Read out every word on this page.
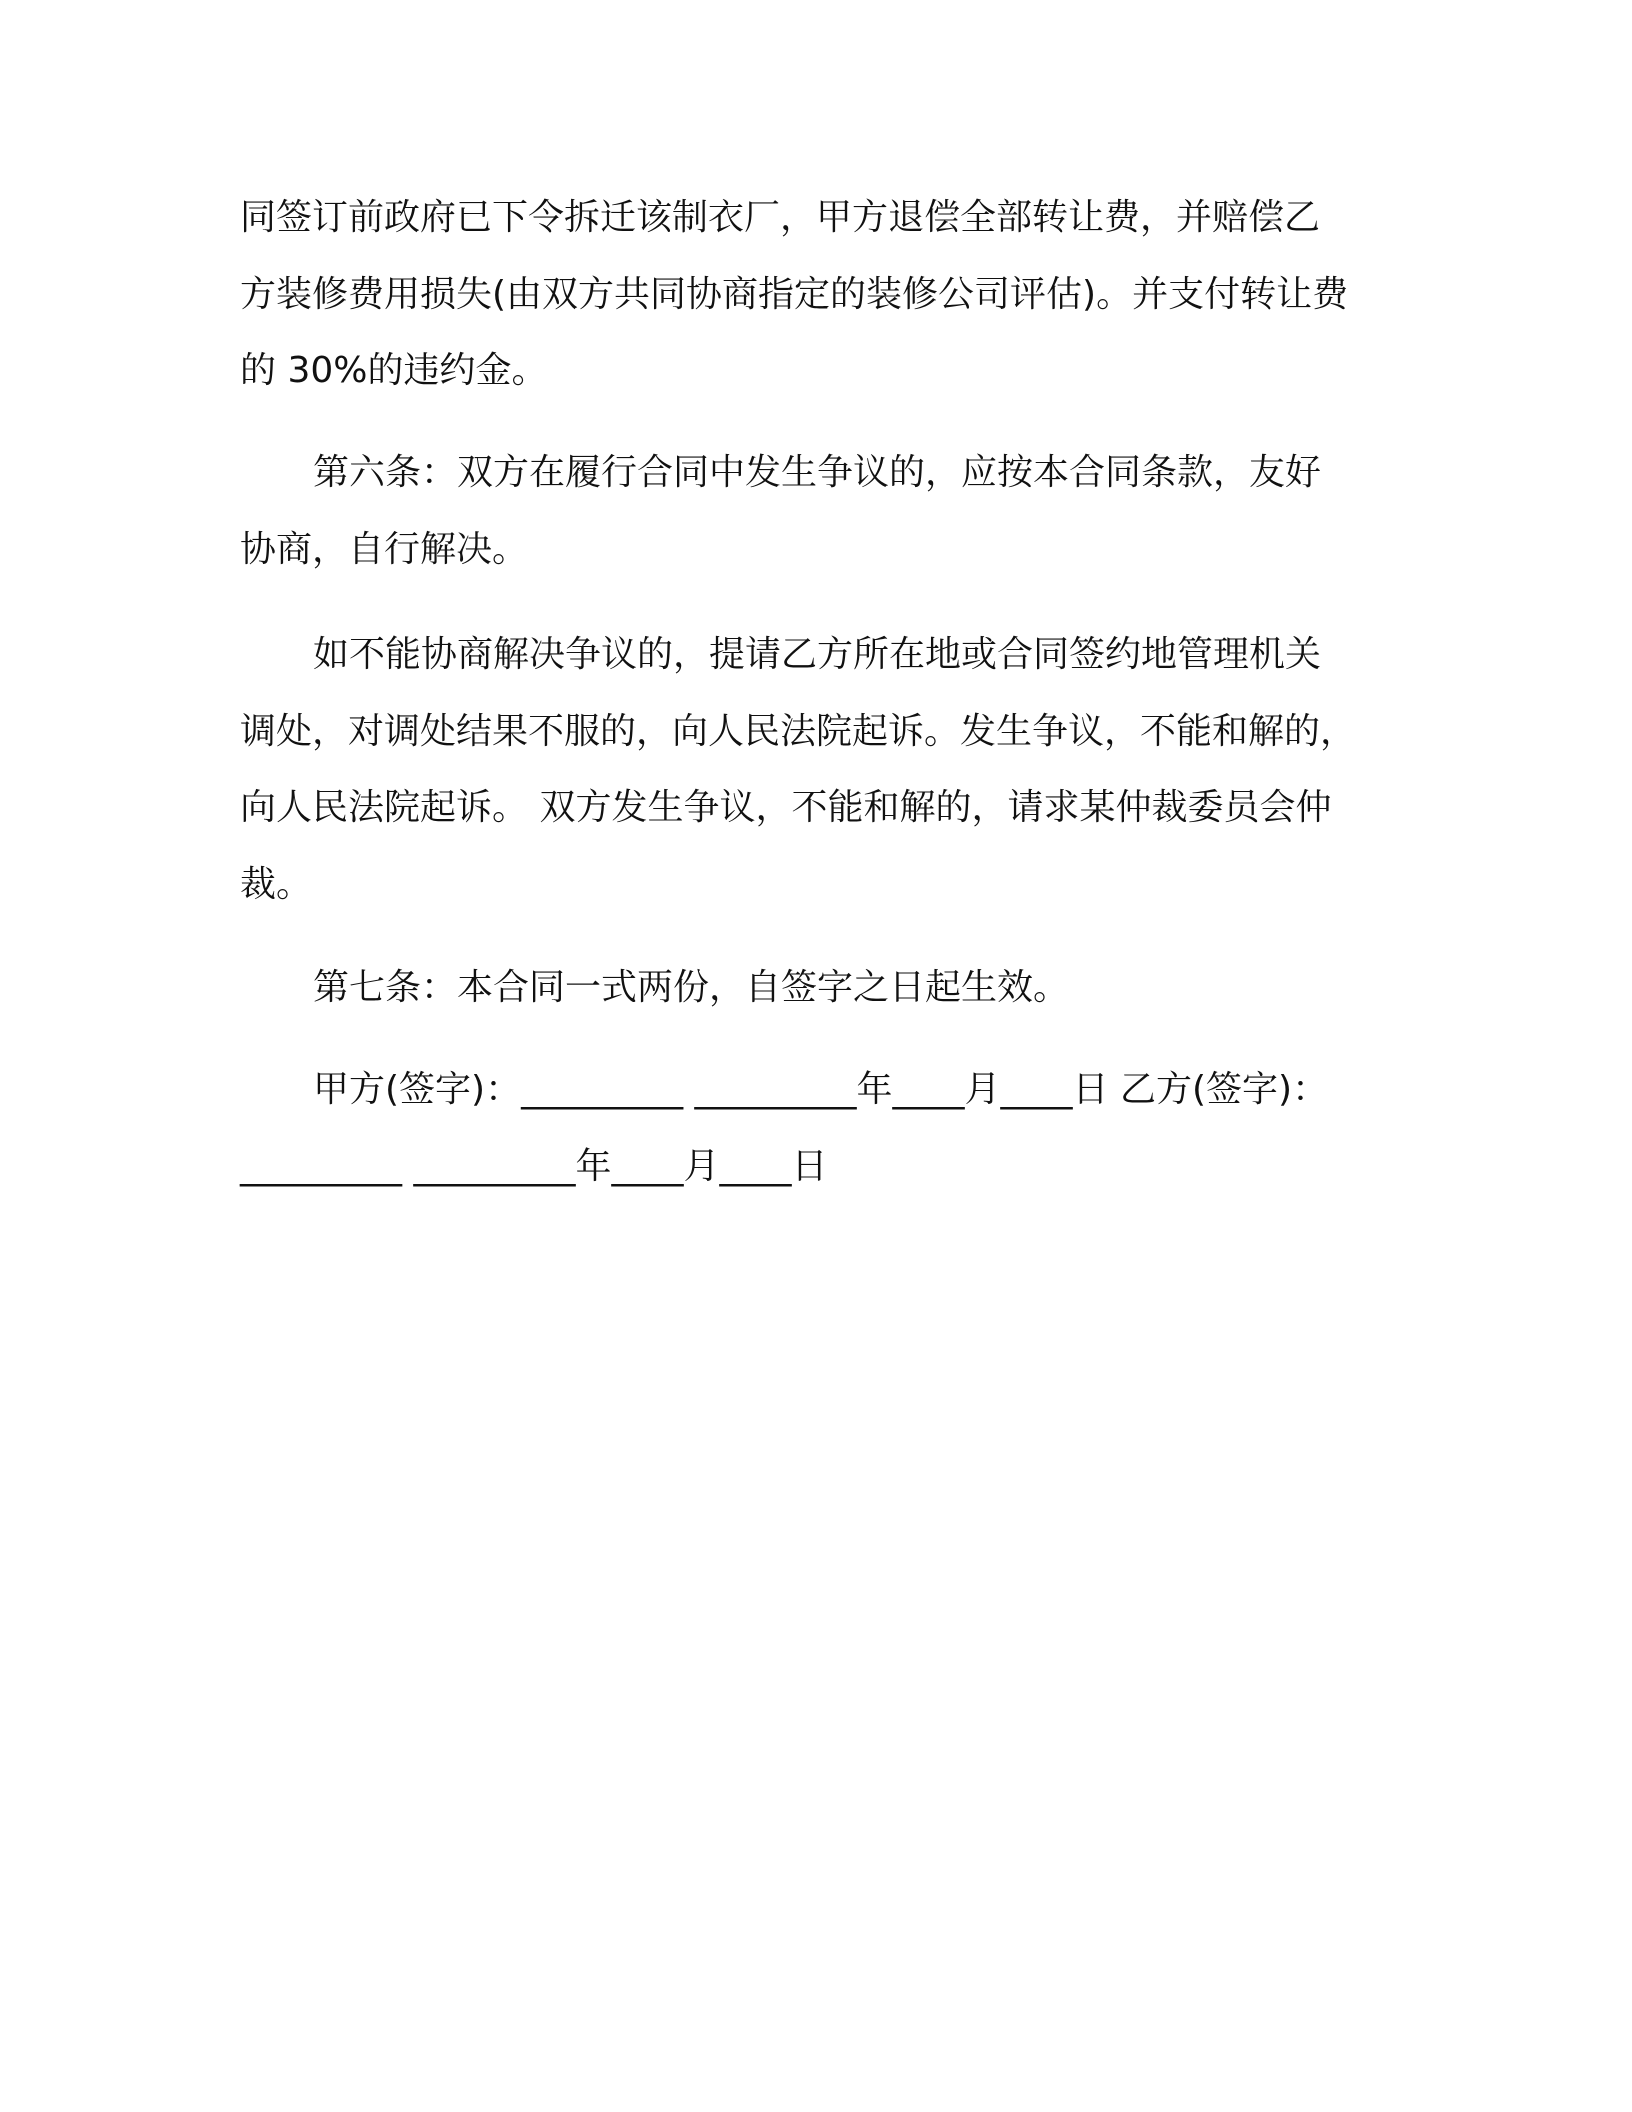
同签订前政府已下令拆迁该制衣厂，甲方退偿全部转让费，并赔偿乙
方装修费用损失(由双方共同协商指定的装修公司评估)。并支付转让费
的 30%的违约金。
第六条：双方在履行合同中发生争议的，应按本合同条款，友好
协商，自行解决。
如不能协商解决争议的，提请乙方所在地或合同签约地管理机关
调处，对调处结果不服的，向人民法院起诉。发生争议，不能和解的，
向人民法院起诉。 双方发生争议，不能和解的，请求某仲裁委员会仲
裁。
第七条：本合同一式两份，自签字之日起生效。
甲方(签字)：_________ _________年____月____日 乙方(签字)：
_________ _________年____月____日
